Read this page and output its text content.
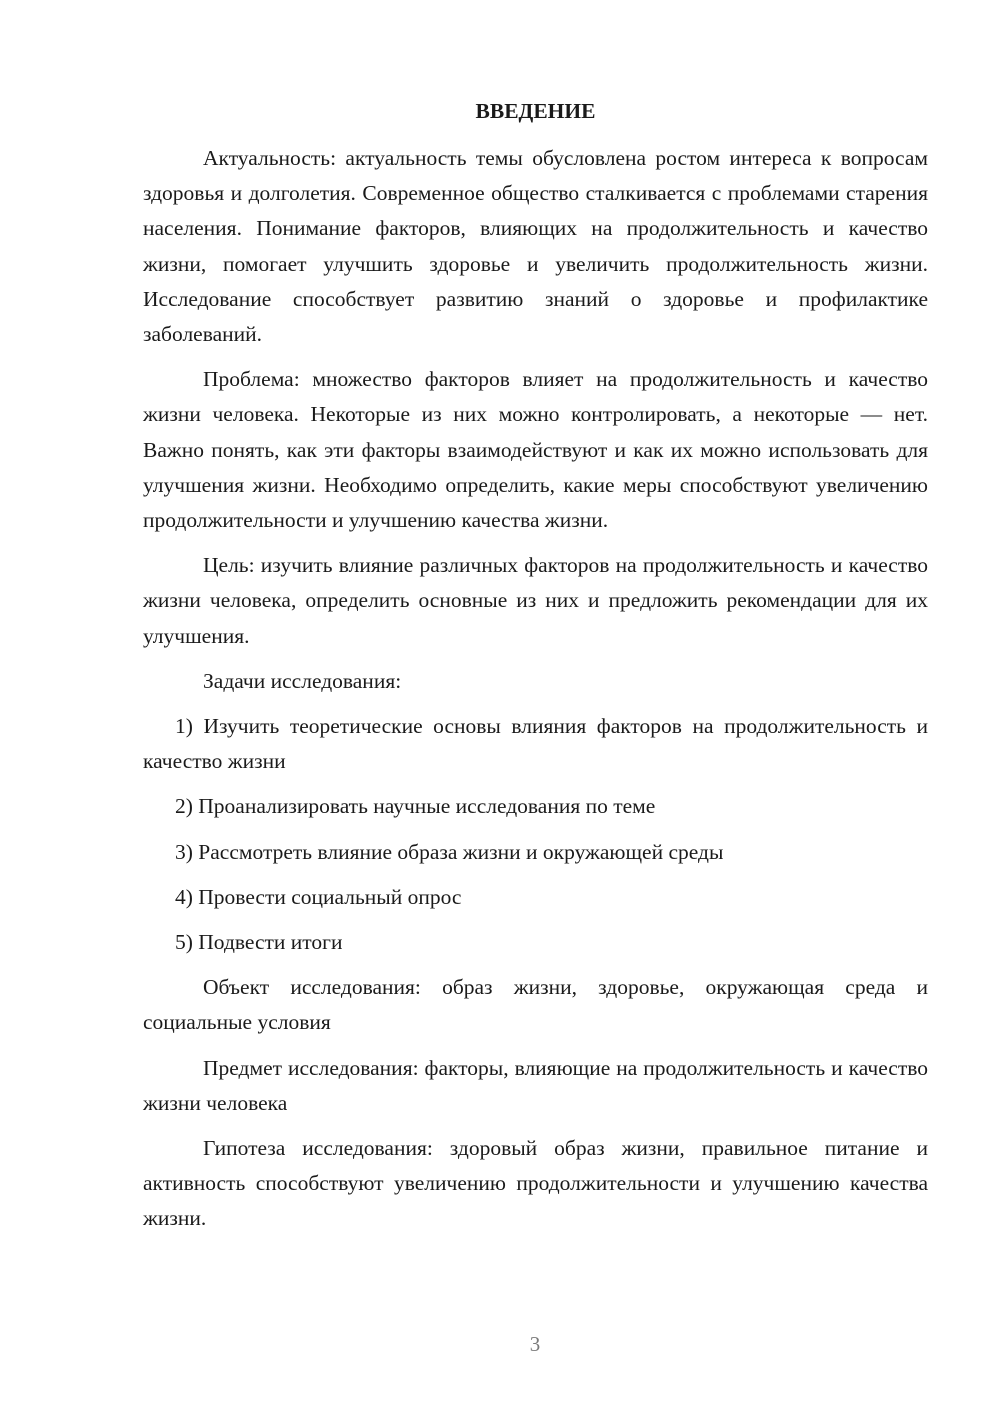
ВВЕДЕНИЕ

Актуальность: актуальность темы обусловлена ростом интереса к вопросам здоровья и долголетия. Современное общество сталкивается с проблемами старения населения. Понимание факторов, влияющих на продолжительность и качество жизни, помогает улучшить здоровье и увеличить продолжительность жизни. Исследование способствует развитию знаний о здоровье и профилактике заболеваний.

Проблема: множество факторов влияет на продолжительность и качество жизни человека. Некоторые из них можно контролировать, а некоторые — нет. Важно понять, как эти факторы взаимодействуют и как их можно использовать для улучшения жизни. Необходимо определить, какие меры способствуют увеличению продолжительности и улучшению качества жизни.

Цель: изучить влияние различных факторов на продолжительность и качество жизни человека, определить основные из них и предложить рекомендации для их улучшения.

Задачи исследования:

1) Изучить теоретические основы влияния факторов на продолжительность и качество жизни

2) Проанализировать научные исследования по теме

3) Рассмотреть влияние образа жизни и окружающей среды

4) Провести социальный опрос

5) Подвести итоги

Объект исследования: образ жизни, здоровье, окружающая среда и социальные условия

Предмет исследования: факторы, влияющие на продолжительность и качество жизни человека

Гипотеза исследования: здоровый образ жизни, правильное питание и активность способствуют увеличению продолжительности и улучшению качества жизни.

3
